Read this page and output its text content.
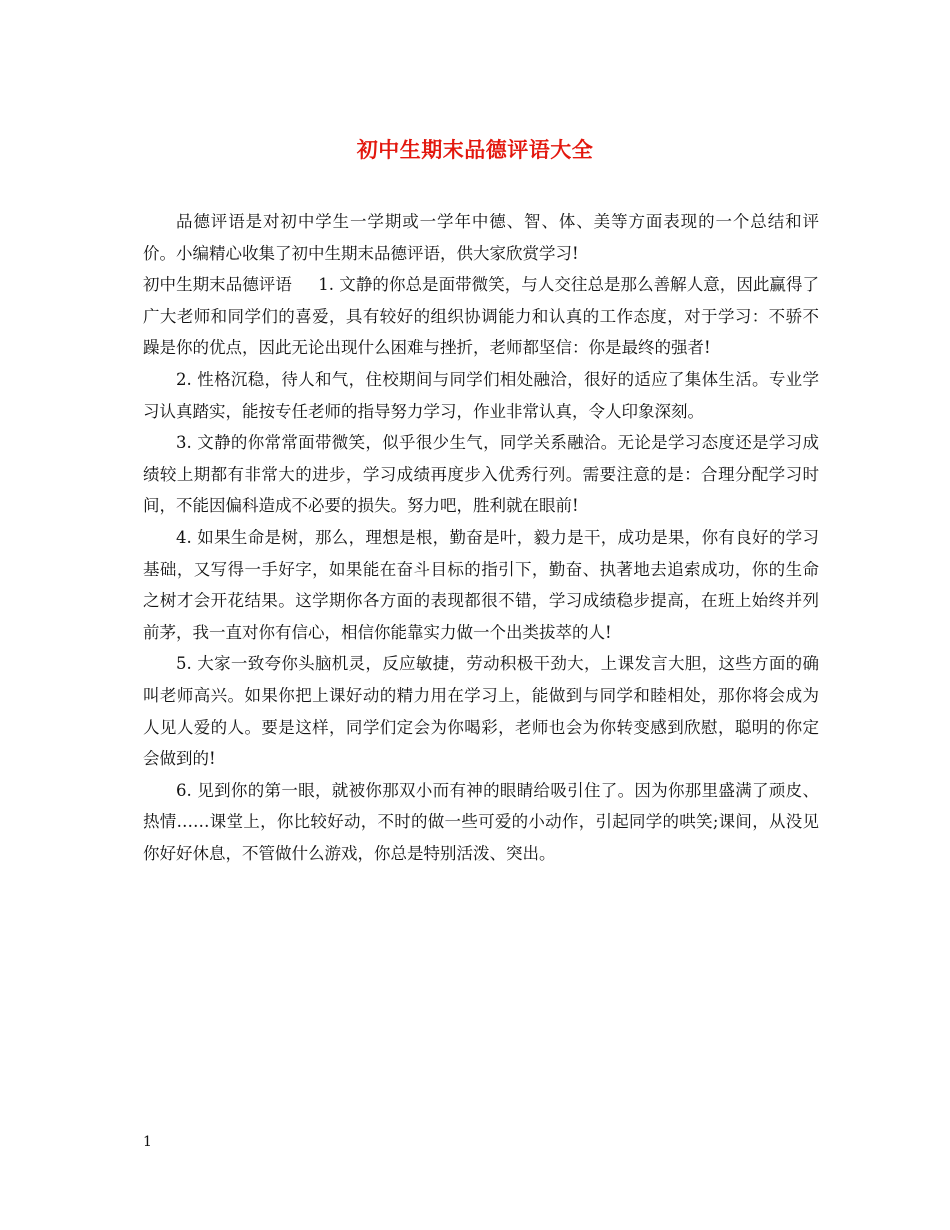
初中生期末品德评语大全

品德评语是对初中学生一学期或一学年中德、智、体、美等方面表现的一个总结和评价。小编精心收集了初中生期末品德评语，供大家欣赏学习!

初中生期末品德评语 1. 文静的你总是面带微笑，与人交往总是那么善解人意，因此赢得了广大老师和同学们的喜爱，具有较好的组织协调能力和认真的工作态度，对于学习：不骄不躁是你的优点，因此无论出现什么困难与挫折，老师都坚信：你是最终的强者!

2. 性格沉稳，待人和气，住校期间与同学们相处融洽，很好的适应了集体生活。专业学习认真踏实，能按专任老师的指导努力学习，作业非常认真，令人印象深刻。

3. 文静的你常常面带微笑，似乎很少生气，同学关系融洽。无论是学习态度还是学习成绩较上期都有非常大的进步，学习成绩再度步入优秀行列。需要注意的是：合理分配学习时间，不能因偏科造成不必要的损失。努力吧，胜利就在眼前!

4. 如果生命是树，那么，理想是根，勤奋是叶，毅力是干，成功是果，你有良好的学习基础，又写得一手好字，如果能在奋斗目标的指引下，勤奋、执著地去追索成功，你的生命之树才会开花结果。这学期你各方面的表现都很不错，学习成绩稳步提高，在班上始终并列前茅，我一直对你有信心，相信你能靠实力做一个出类拔萃的人!

5. 大家一致夸你头脑机灵，反应敏捷，劳动积极干劲大，上课发言大胆，这些方面的确叫老师高兴。如果你把上课好动的精力用在学习上，能做到与同学和睦相处，那你将会成为人见人爱的人。要是这样，同学们定会为你喝彩，老师也会为你转变感到欣慰，聪明的你定会做到的!

6. 见到你的第一眼，就被你那双小而有神的眼睛给吸引住了。因为你那里盛满了顽皮、热情……课堂上，你比较好动，不时的做一些可爱的小动作，引起同学的哄笑;课间，从没见你好好休息，不管做什么游戏，你总是特别活泼、突出。

1
